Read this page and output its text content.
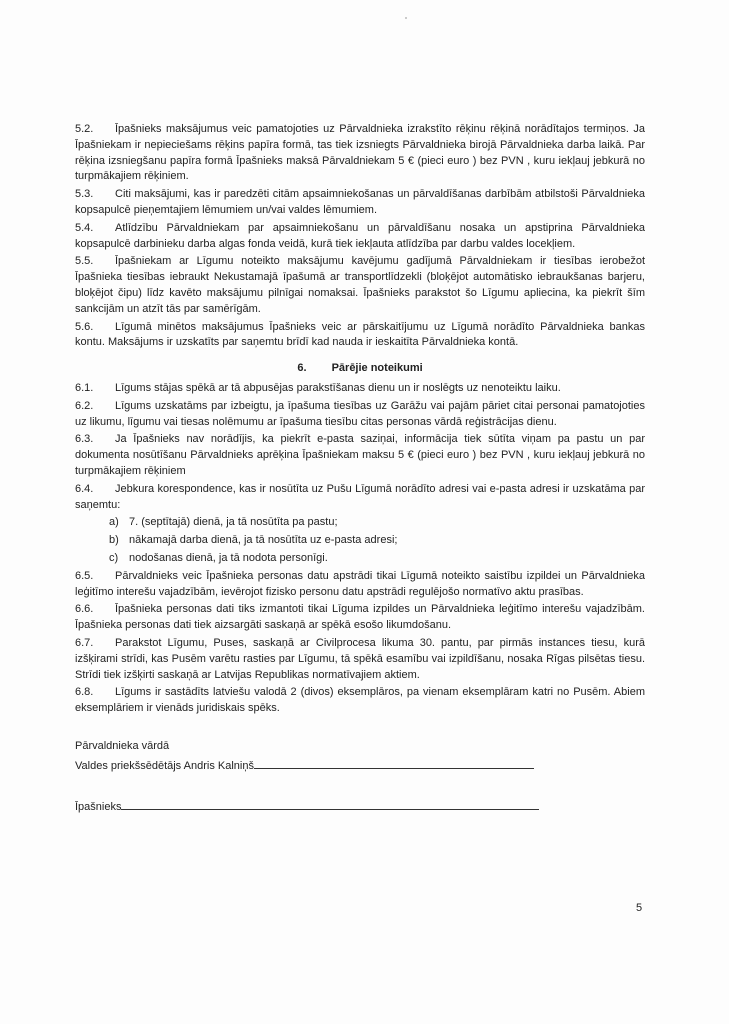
5.2. Īpašnieks maksājumus veic pamatojoties uz Pārvaldnieka izrakstīto rēķinu rēķinā norādītajos termiņos. Ja Īpašniekam ir nepieciešams rēķins papīra formā, tas tiek izsniegts Pārvaldnieka birojā Pārvaldnieka darba laikā. Par rēķina izsniegšanu papīra formā Īpašnieks maksā Pārvaldniekam 5 € (pieci euro ) bez PVN , kuru iekļauj jebkurā no turpmākajiem rēķiniem.
5.3. Citi maksājumi, kas ir paredzēti citām apsaimniekošanas un pārvaldīšanas darbībām atbilstoši Pārvaldnieka kopsapulcē pieņemtajiem lēmumiem un/vai valdes lēmumiem.
5.4. Atlīdzību Pārvaldniekam par apsaimniekošanu un pārvaldīšanu nosaka un apstiprina Pārvaldnieka kopsapulcē darbinieku darba algas fonda veidā, kurā tiek iekļauta atlīdzība par darbu valdes locekļiem.
5.5. Īpašniekam ar Līgumu noteikto maksājumu kavējumu gadījumā Pārvaldniekam ir tiesības ierobežot Īpašnieka tiesības iebraukt Nekustamajā īpašumā ar transportlīdzekli (bloķējot automātisko iebraukšanas barjeru, bloķējot čipu) līdz kavēto maksājumu pilnīgai nomaksai. Īpašnieks parakstot šo Līgumu apliecina, ka piekrīt šīm sankcijām un atzīt tās par samērīgām.
5.6. Līgumā minētos maksājumus Īpašnieks veic ar pārskaitījumu uz Līgumā norādīto Pārvaldnieka bankas kontu. Maksājums ir uzskatīts par saņemtu brīdī kad nauda ir ieskaitīta Pārvaldnieka kontā.
6. Pārējie noteikumi
6.1. Līgums stājas spēkā ar tā abpusējas parakstīšanas dienu un ir noslēgts uz nenoteiktu laiku.
6.2. Līgums uzskatāms par izbeigtu, ja īpašuma tiesības uz Garāžu vai pajām pāriet citai personai pamatojoties uz likumu, līgumu vai tiesas nolēmumu ar īpašuma tiesību citas personas vārdā reģistrācijas dienu.
6.3. Ja Īpašnieks nav norādījis, ka piekrīt e-pasta saziņai, informācija tiek sūtīta viņam pa pastu un par dokumenta nosūtīšanu Pārvaldnieks aprēķina Īpašniekam maksu 5 € (pieci euro ) bez PVN , kuru iekļauj jebkurā no turpmākajiem rēķiniem
6.4. Jebkura korespondence, kas ir nosūtīta uz Pušu Līgumā norādīto adresi vai e-pasta adresi ir uzskatāma par saņemtu:
a) 7. (septītajā) dienā, ja tā nosūtīta pa pastu;
b) nākamajā darba dienā, ja tā nosūtīta uz e-pasta adresi;
c) nodošanas dienā, ja tā nodota personīgi.
6.5. Pārvaldnieks veic Īpašnieka personas datu apstrādi tikai Līgumā noteikto saistību izpildei un Pārvaldnieka leģitīmo interešu vajadzībām, ievērojot fizisko personu datu apstrādi regulējošo normatīvo aktu prasības.
6.6. Īpašnieka personas dati tiks izmantoti tikai Līguma izpildes un Pārvaldnieka leģitīmo interešu vajadzībām. Īpašnieka personas dati tiek aizsargāti saskaņā ar spēkā esošo likumdošanu.
6.7. Parakstot Līgumu, Puses, saskaņā ar Civilprocesa likuma 30. pantu, par pirmās instances tiesu, kurā izšķirami strīdi, kas Pusēm varētu rasties par Līgumu, tā spēkā esamību vai izpildīšanu, nosaka Rīgas pilsētas tiesu. Strīdi tiek izšķirti saskaņā ar Latvijas Republikas normatīvajiem aktiem.
6.8. Līgums ir sastādīts latviešu valodā 2 (divos) eksemplāros, pa vienam eksemplāram katri no Pusēm. Abiem eksemplāriem ir vienāds juridiskais spēks.
Pārvaldnieka vārdā
Valdes priekšsēdētājs Andris Kalniņš
Īpašnieks
5
